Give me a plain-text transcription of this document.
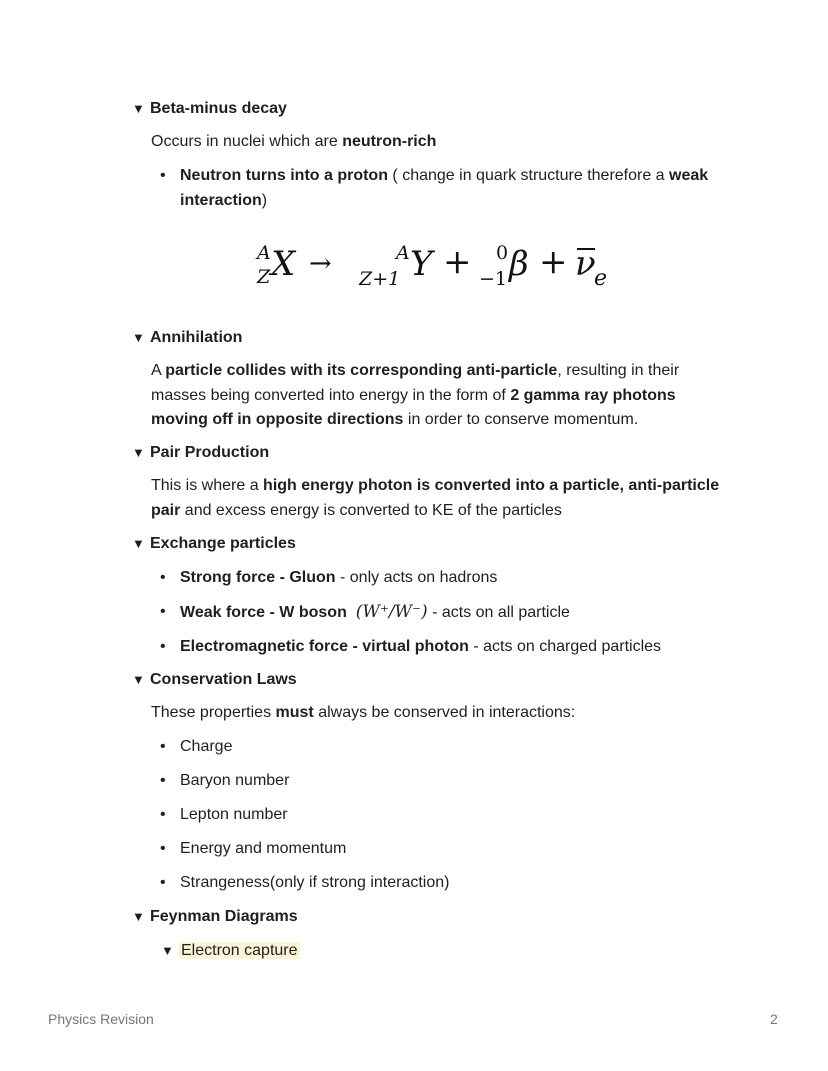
▼ Beta-minus decay
Occurs in nuclei which are neutron-rich
• Neutron turns into a proton ( change in quark structure therefore a weak
interaction)
A
Z X →	A
Z+1 Y + 0
−1 β + ν
e
▼ Annihilation
A particle collides with its corresponding anti-particle, resulting in their
masses being converted into energy in the form of 2 gamma ray photons
moving off in opposite directions in order to conserve momentum.
▼ Pair Production
This is where a high energy photon is converted into a particle, anti-particle
pair and excess energy is converted to KE of the particles
▼ Exchange particles
• Strong force - Gluon - only acts on hadrons
• Weak force - W boson (W⁺/W⁻) - acts on all particle
• Electromagnetic force - virtual photon - acts on charged particles
▼ Conservation Laws
These properties must always be conserved in interactions:
• Charge
• Baryon number
• Lepton number
• Energy and momentum
• Strangeness(only if strong interaction)
▼ Feynman Diagrams
▼ Electron capture
Physics Revision	2
